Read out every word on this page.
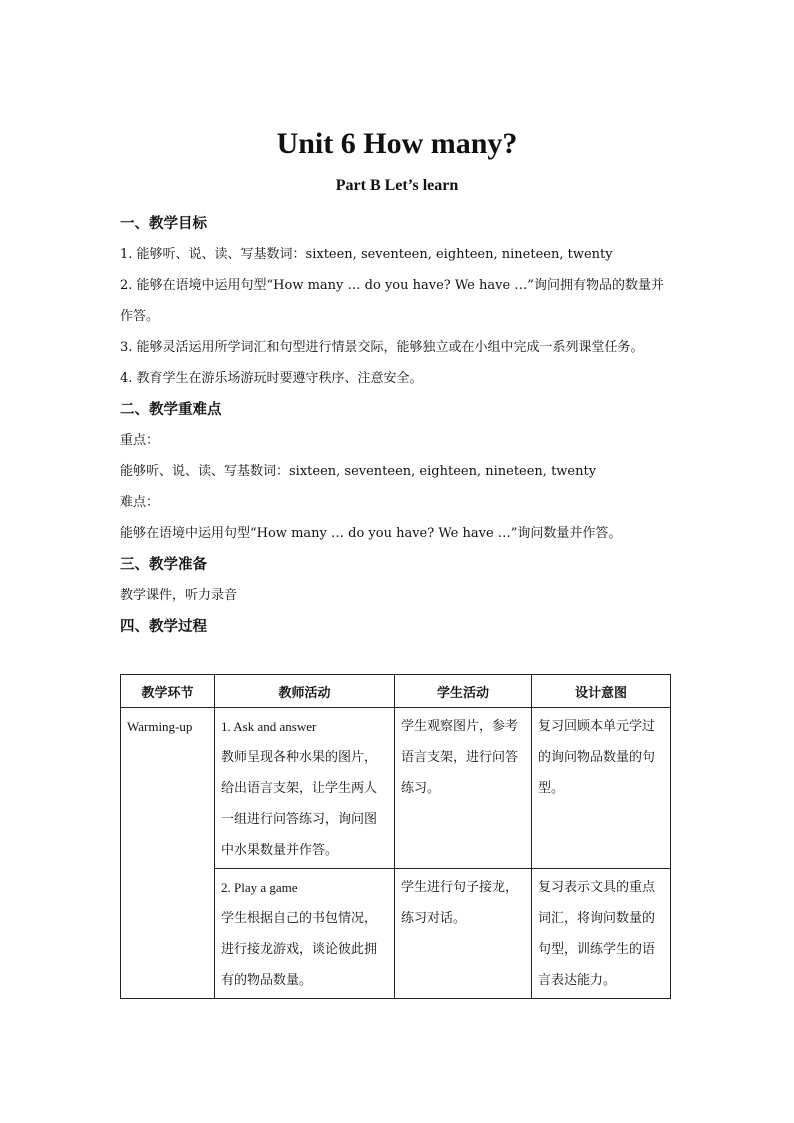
Unit 6 How many?
Part B Let’s learn

一、教学目标

1. 能够听、说、读、写基数词：sixteen, seventeen, eighteen, nineteen, twenty

2. 能够在语境中运用句型“How many … do you have? We have …”询问拥有物品的数量并作答。

3. 能够灵活运用所学词汇和句型进行情景交际，能够独立或在小组中完成一系列课堂任务。

4. 教育学生在游乐场游玩时要遵守秩序、注意安全。

二、教学重难点

重点：

能够听、说、读、写基数词：sixteen, seventeen, eighteen, nineteen, twenty

难点：

能够在语境中运用句型“How many … do you have? We have …”询问数量并作答。

三、教学准备

教学课件，听力录音

四、教学过程

教学环节	教师活动	学生活动	设计意图

Warming-up	1. Ask and answer
教师呈现各种水果的图片，给出语言支架，让学生两人一组进行问答练习，询问图中水果数量并作答。	学生观察图片，参考语言支架，进行问答练习。	复习回顾本单元学过的询问物品数量的句型。

	2. Play a game
学生根据自己的书包情况，进行接龙游戏，谈论彼此拥有的物品数量。	学生进行句子接龙，练习对话。	复习表示文具的重点词汇，将询问数量的句型，训练学生的语言表达能力。
